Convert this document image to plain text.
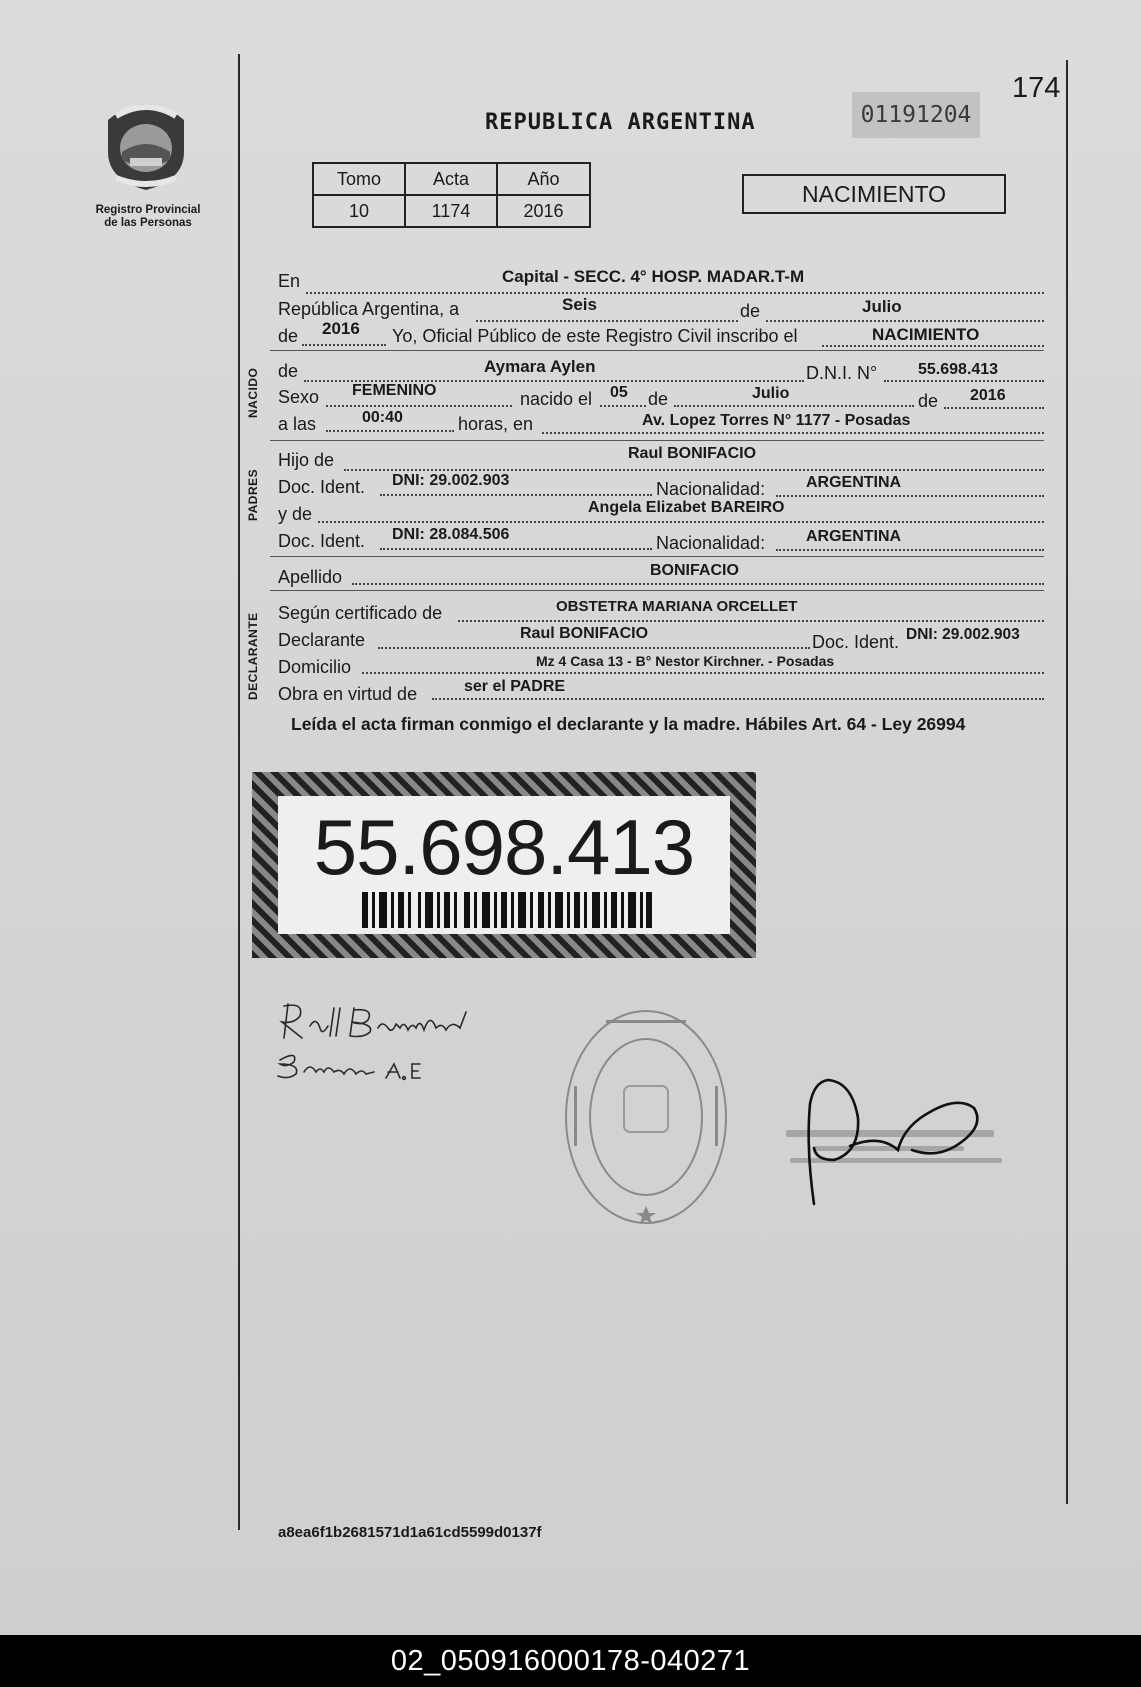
Registro Provincial
de las Personas
174
REPUBLICA ARGENTINA	01191204
Tomo	Acta	Año
10	1174	2016
NACIMIENTO
En	Capital - SECC. 4° HOSP. MADAR.T-M
República Argentina, a	Seis	de	Julio
de 2016 Yo, Oficial Público de este Registro Civil inscribo el	NACIMIENTO
NACIDO de	Aymara Aylen	D.N.I. N°	55.698.413
Sexo FEMENINO	nacido el 05 de	Julio	de 2016
a las	00:40	horas, en	Av. Lopez Torres N° 1177 - Posadas
PADRES
Hijo de	Raul BONIFACIO
Doc. Ident. DNI: 29.002.903	Nacionalidad:	ARGENTINA
y de	Angela Elizabet BAREIRO
Doc. Ident. DNI: 28.084.506	Nacionalidad:	ARGENTINA
Apellido	BONIFACIO
DECLARANTE Según certificado de	OBSTETRA MARIANA ORCELLET
Declarante	Raul BONIFACIO	Doc. Ident. DNI: 29.002.903
Domicilio	Mz 4 Casa 13 - B° Nestor Kirchner. - Posadas
Obra en virtud de	ser el PADRE
Leída el acta firman conmigo el declarante y la madre. Hábiles Art. 64 - Ley 26994
55.698.413
a8ea6f1b2681571d1a61cd5599d0137f
02_050916000178-040271
